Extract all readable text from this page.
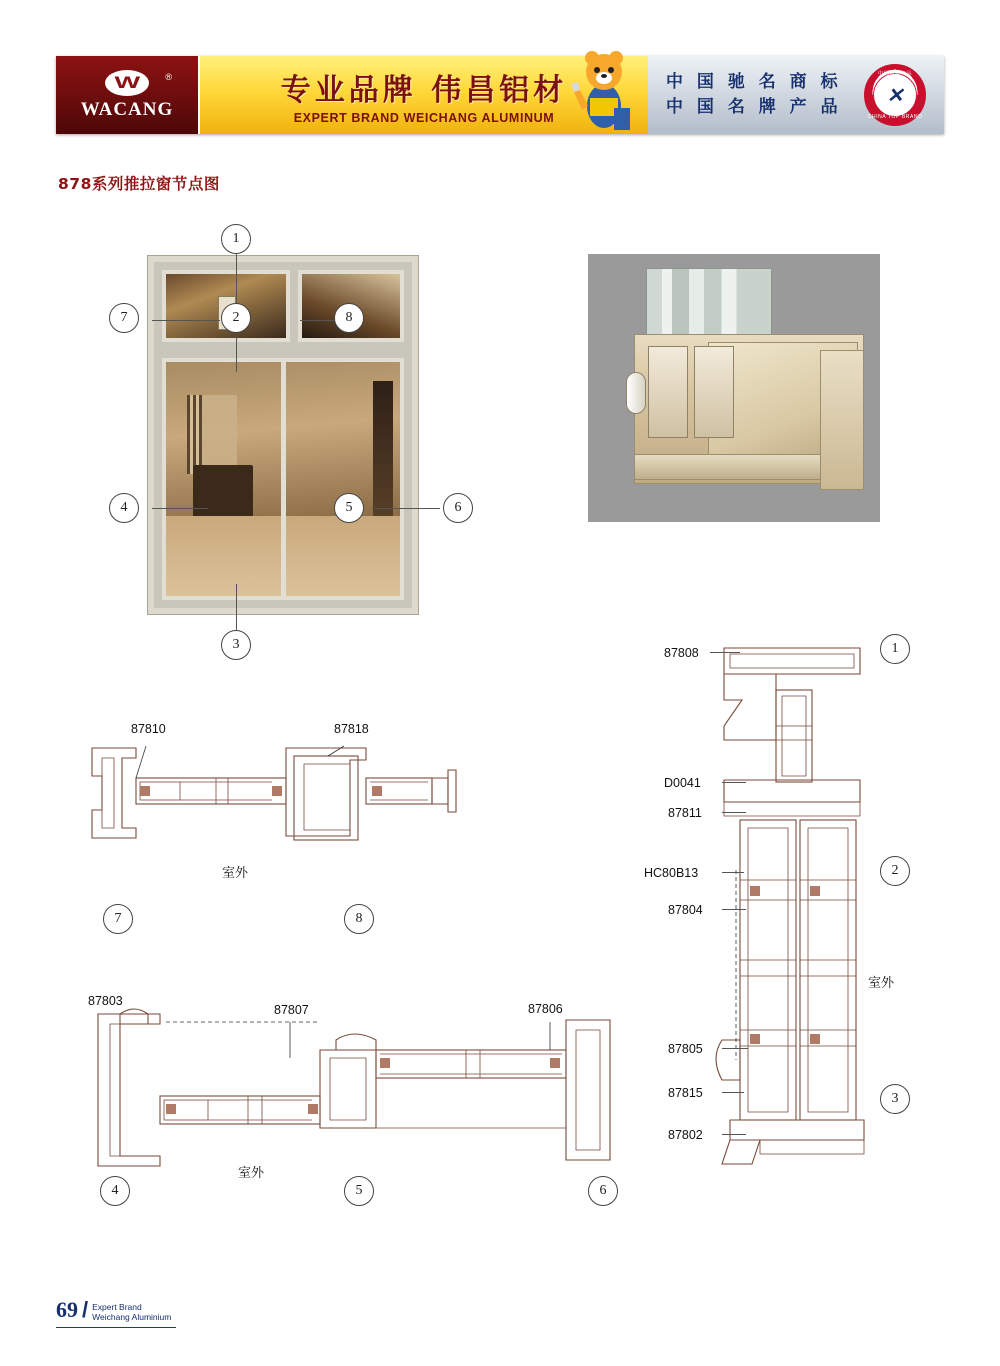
W
WACANG
®	专业品牌 伟昌铝材
EXPERT BRAND WEICHANG ALUMINUM
中 国 驰 名 商 标
中 国 名 牌 产 品
中国名牌产品
✕
CHINA TOP BRAND
878系列推拉窗节点图
1
2
7	8
4	5	6
3
87810	87818
室外
7	8
87803
87807	87806
室外
4	5	6
87808
D0041
87811
HC80B13
87804
87805
87815
87802
室外
1
2
3
69 / Expert Brand
Weichang Aluminium
